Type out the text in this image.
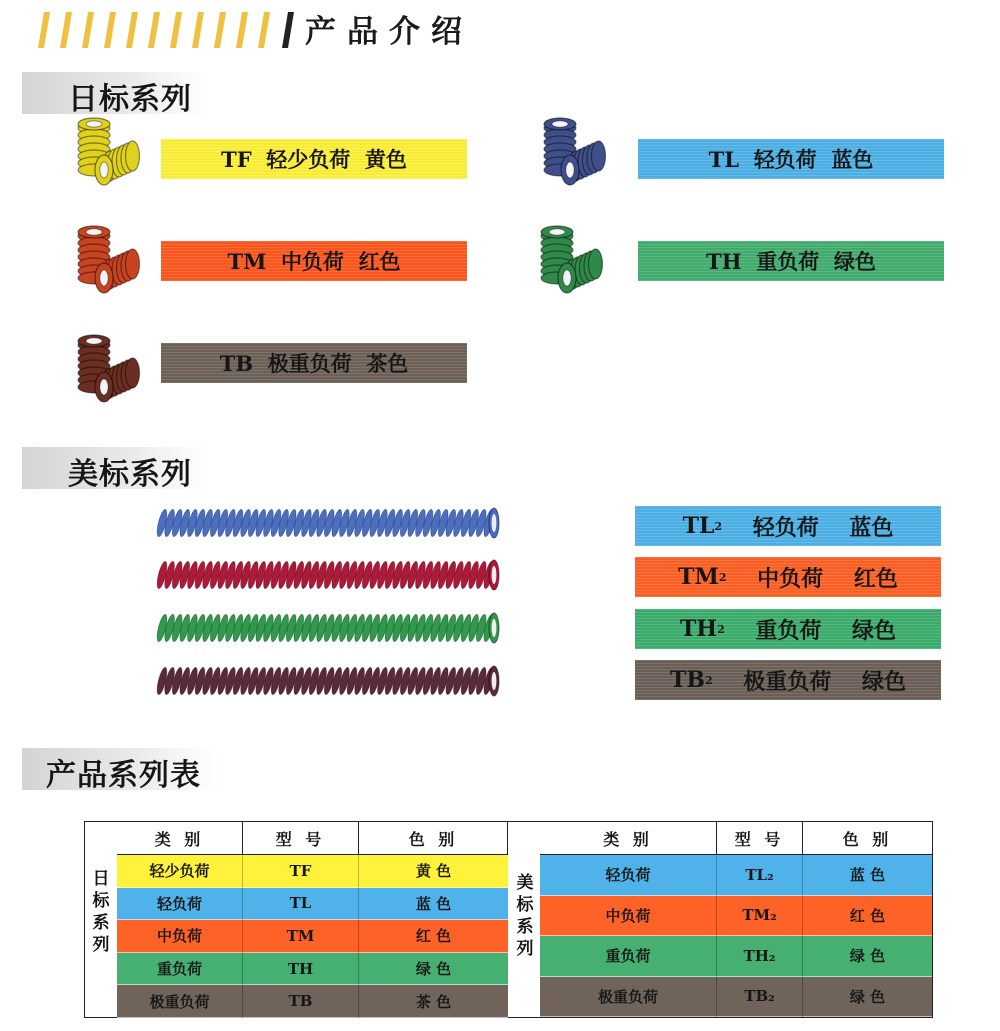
产品介绍
日标系列
TF 轻少负荷 黄色	TL 轻负荷 蓝色
TM 中负荷 红色	TH 重负荷 绿色
TB 极重负荷 茶色
美标系列
TL 2 轻负荷 蓝色
TM 2 中负荷 红色
TH 2 重负荷 绿色
TB 2 极重负荷 绿色
产品系列表
日
标
系
列
类 别	型 号	色 别
轻少负荷	TF	黄 色
轻负荷	TL	蓝 色
中负荷	TM	红 色
重负荷	TH	绿 色
极重负荷	TB	茶 色
美
标
系
列
类 别	型 号	色 别
轻负荷	TL₂	蓝 色
中负荷	TM₂	红 色
重负荷	TH₂	绿 色
极重负荷	TB₂	绿 色
